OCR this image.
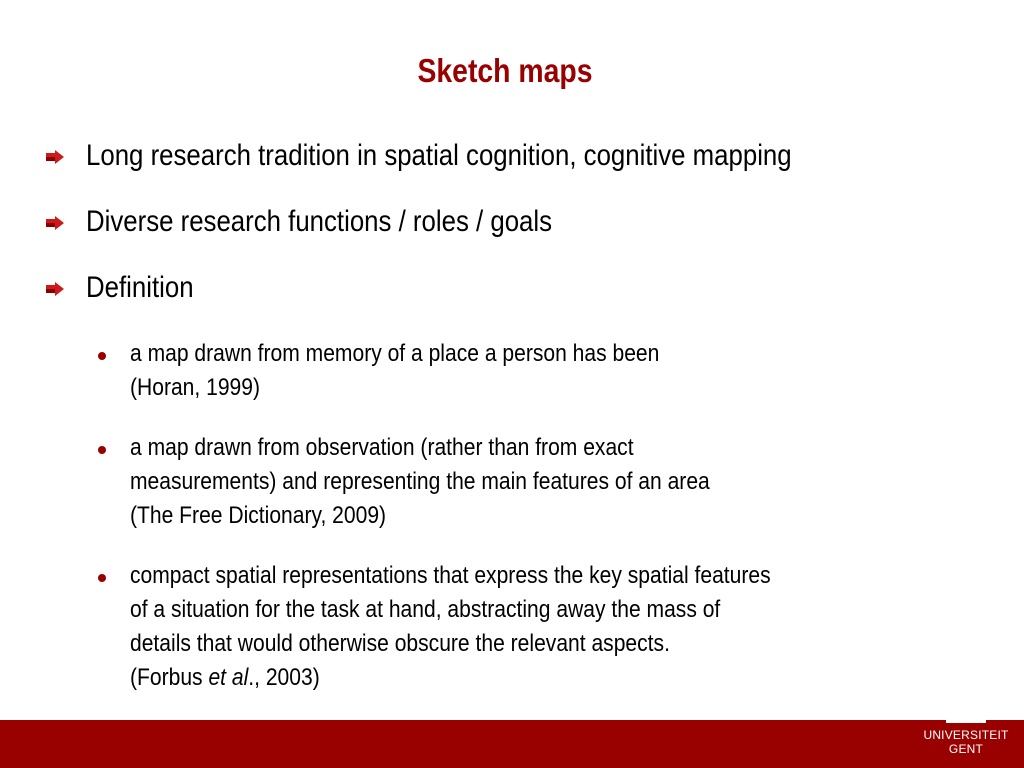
Sketch maps
Long research tradition in spatial cognition, cognitive mapping
Diverse research functions / roles / goals
Definition
a map drawn from memory of a place a person has been
(Horan, 1999)
a map drawn from observation (rather than from exact
measurements) and representing the main features of an area
(The Free Dictionary, 2009)
compact spatial representations that express the key spatial features
of a situation for the task at hand, abstracting away the mass of
details that would otherwise obscure the relevant aspects.
(Forbus et al., 2003)
UNIVERSITEIT
GENT
